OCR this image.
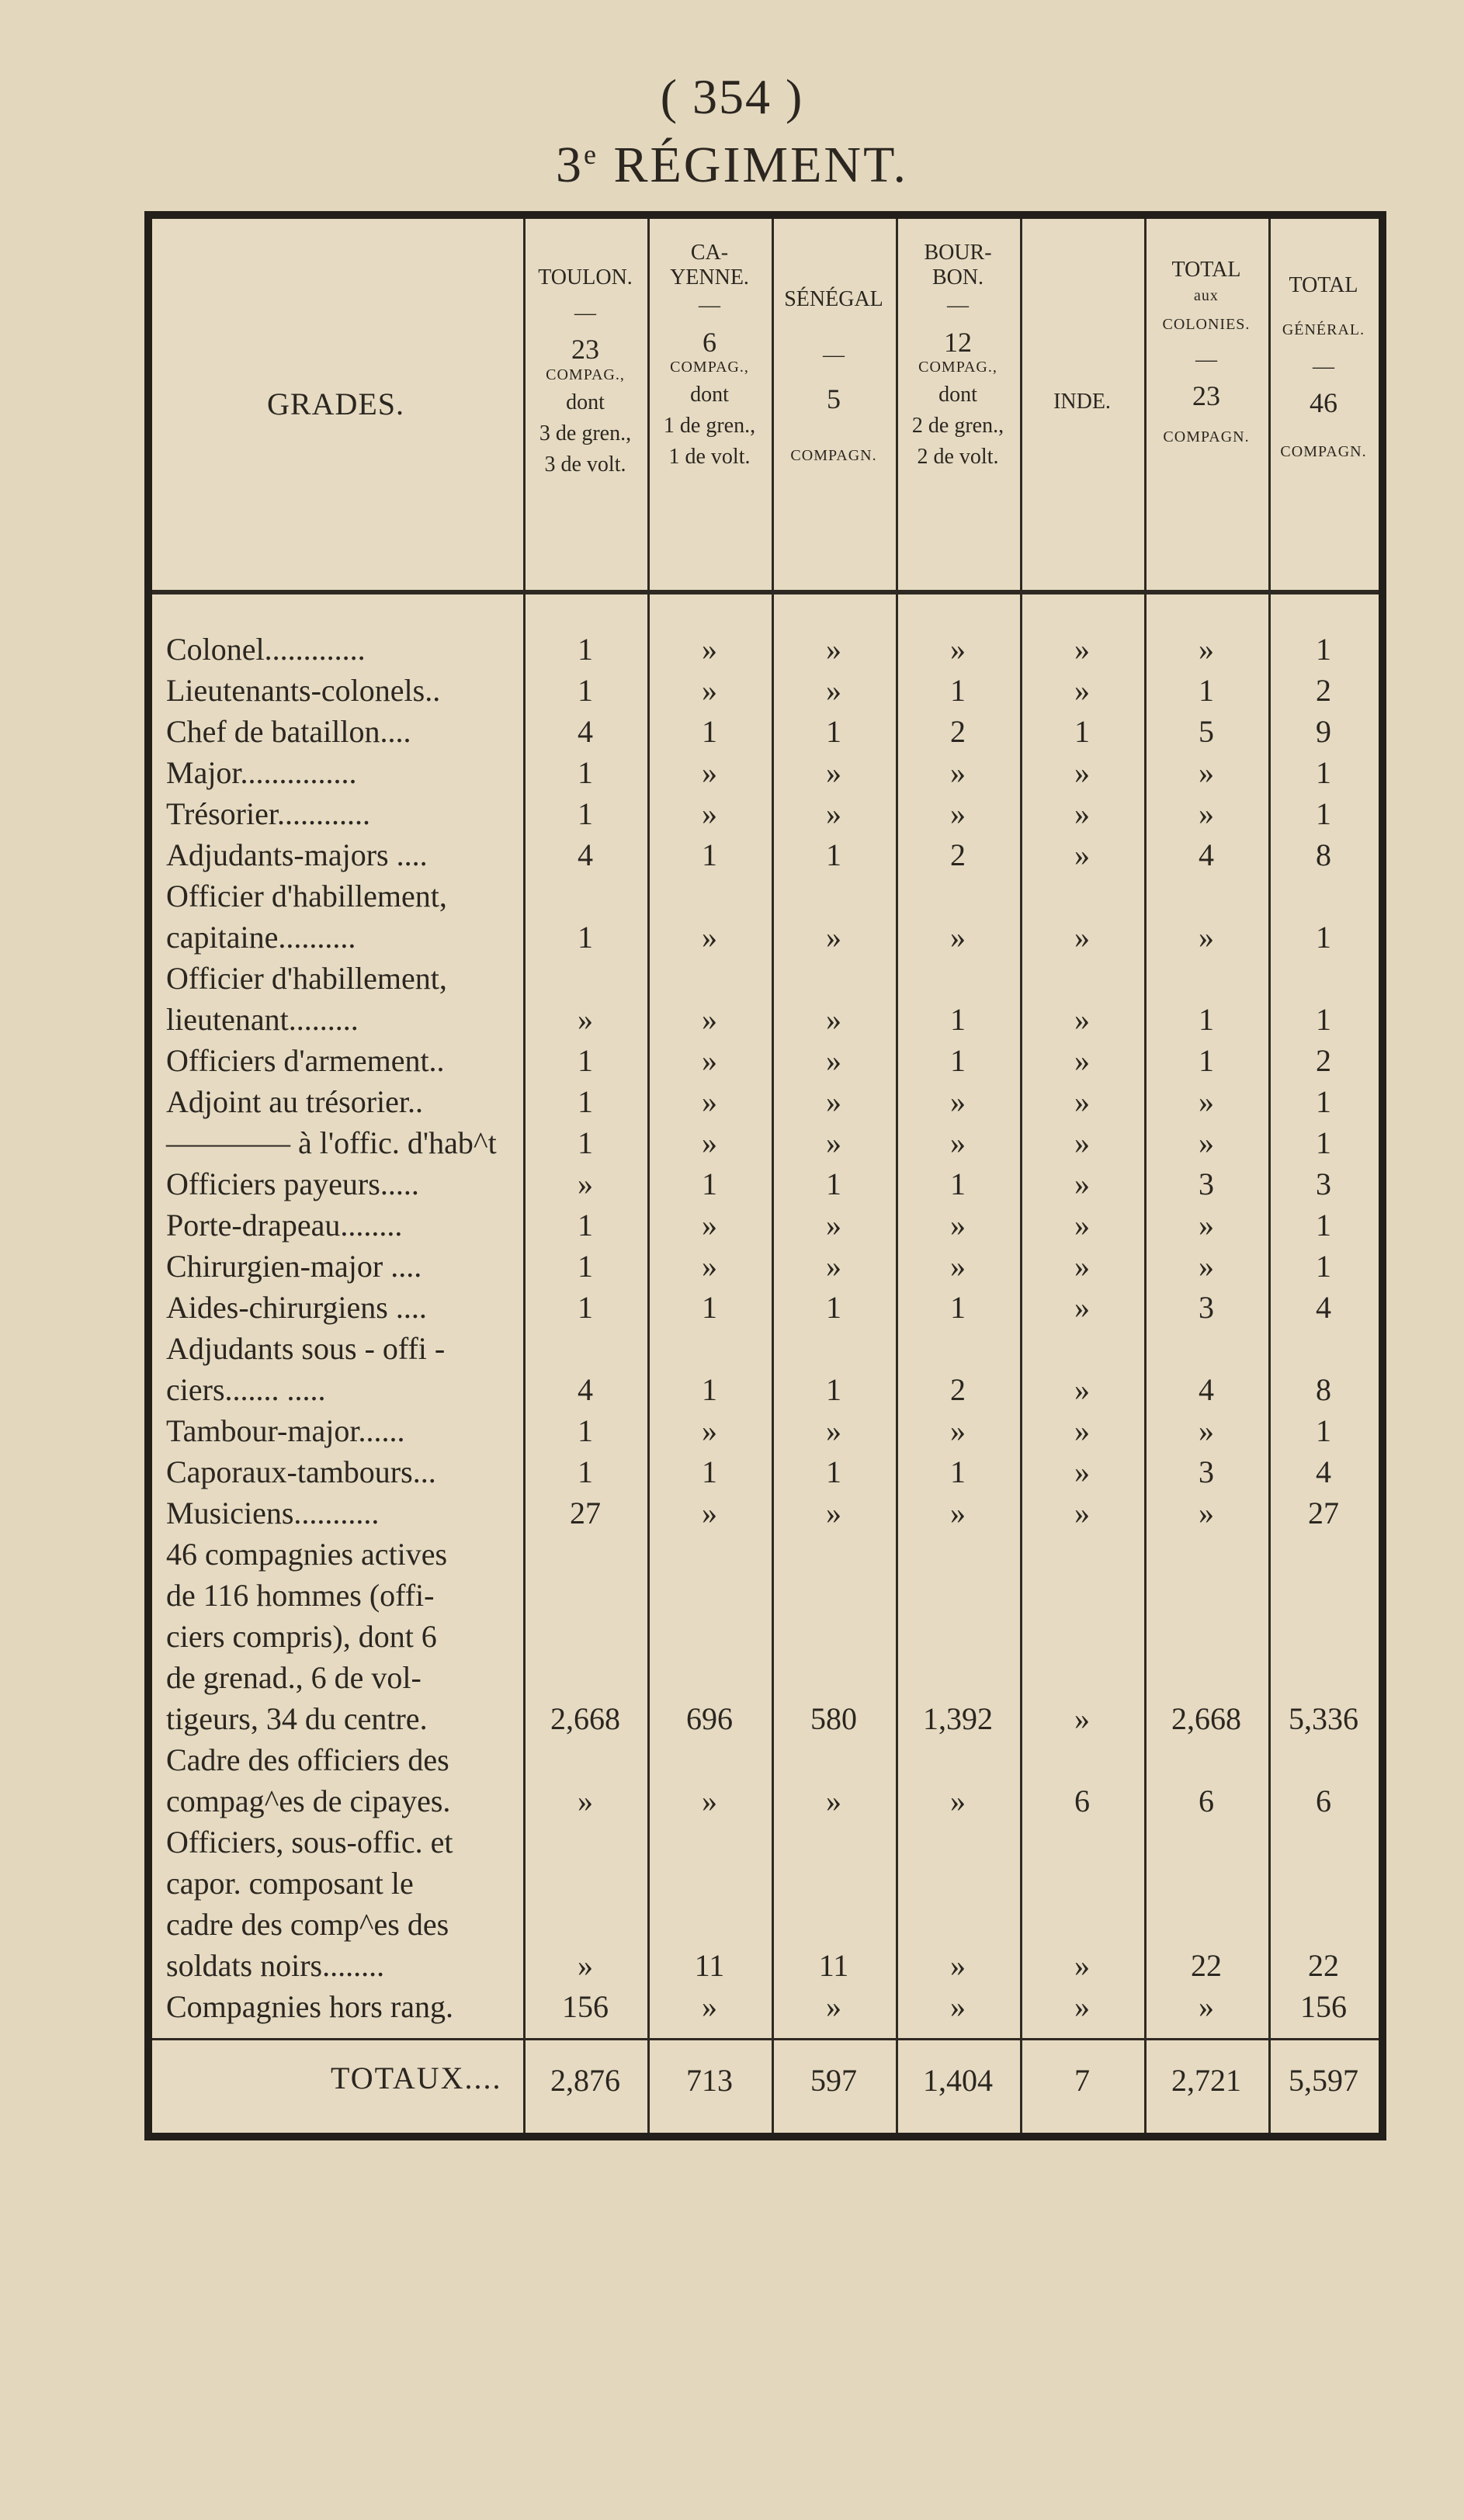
( 354 )
3e RÉGIMENT.
GRADES.
TOULON.
—
23
COMPAG.,
dont
3 de gren.,
3 de volt.
CA-
YENNE.
—
6
COMPAG.,
dont
1 de gren.,
1 de volt.
SÉNÉGAL
—
5
COMPAGN.
BOUR-
BON.
—
12
COMPAG.,
dont
2 de gren.,
2 de volt.
INDE.
TOTAL
aux
COLONIES.
—
23
COMPAGN.
TOTAL
GÉNÉRAL.
—
46
COMPAGN.
Colonel.............	1	»	»	»	»	»	1
Lieutenants-colonels..	1	»	»	1	»	1	2
Chef de bataillon....	4	1	1	2	1	5	9
Major...............	1	»	»	»	»	»	1
Trésorier............	1	»	»	»	»	»	1
Adjudants-majors ....	4	1	1	2	»	4	8
Officier d'habillement,
capitaine..........	1	»	»	»	»	»	1
Officier d'habillement,
lieutenant.........	»	»	»	1	»	1	1
Officiers d'armement..	1	»	»	1	»	1	2
Adjoint au trésorier..	1	»	»	»	»	»	1
———— à l'offic. d'hab^t	1	»	»	»	»	»	1
Officiers payeurs.....	»	1	1	1	»	3	3
Porte-drapeau........	1	»	»	»	»	»	1
Chirurgien-major ....	1	»	»	»	»	»	1
Aides-chirurgiens ....	1	1	1	1	»	3	4
Adjudants sous - offi -
ciers....... .....	4	1	1	2	»	4	8
Tambour-major......	1	»	»	»	»	»	1
Caporaux-tambours...	1	1	1	1	»	3	4
Musiciens...........	27	»	»	»	»	»	27
46 compagnies actives
de 116 hommes (offi-
ciers compris), dont 6
de grenad., 6 de vol-
tigeurs, 34 du centre.	2,668	696	580	1,392	»	2,668	5,336
Cadre des officiers des
compag^es de cipayes.	»	»	»	»	6	6	6
Officiers, sous-offic. et
capor. composant le
cadre des comp^es des
soldats noirs........	»	11	11	»	»	22	22
Compagnies hors rang.	156	»	»	»	»	»	156
TOTAUX....	2,876	713	597	1,404	7	2,721	5,597
